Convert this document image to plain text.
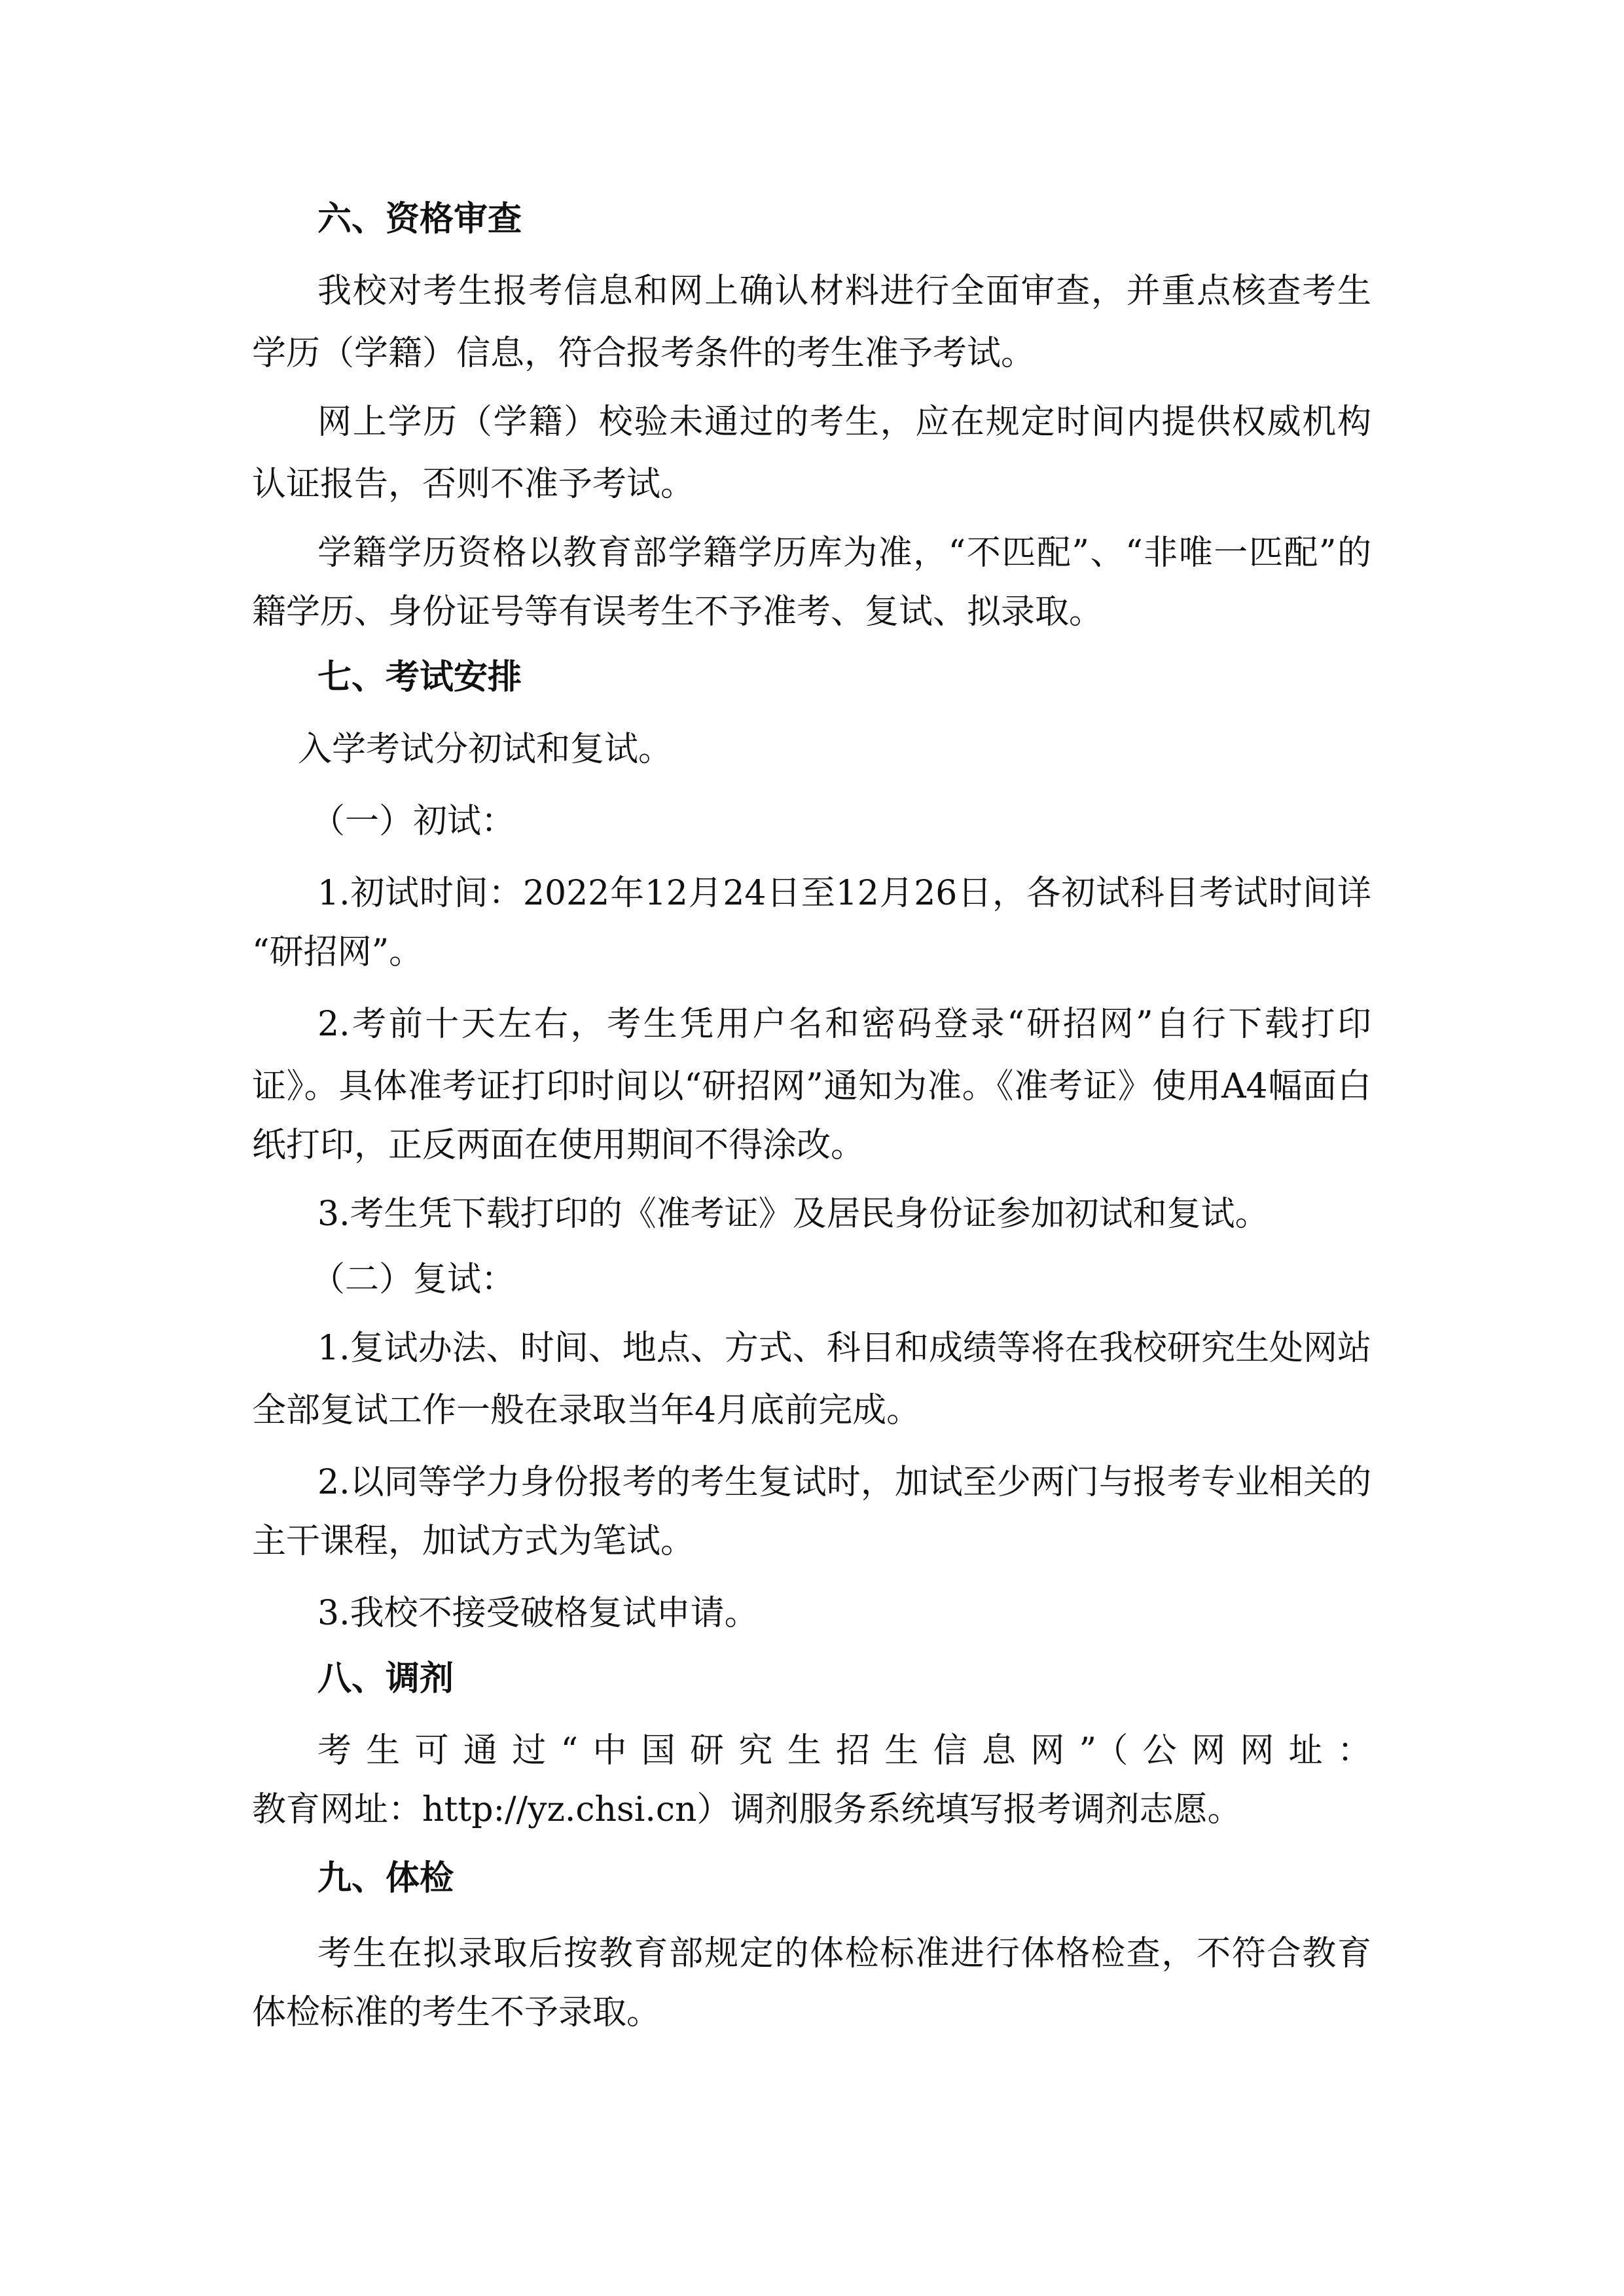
六、资格审查
我校对考生报考信息和网上确认材料进行全面审查，并重点核查考生
学历（学籍）信息，符合报考条件的考生准予考试。
网上学历（学籍）校验未通过的考生，应在规定时间内提供权威机构
认证报告，否则不准予考试。
学籍学历资格以教育部学籍学历库为准，“不匹配”、“非唯一匹配”的
籍学历、身份证号等有误考生不予准考、复试、拟录取。
七、考试安排
入学考试分初试和复试。
（一）初试：
1.初试时间：2022年12月24日至12月26日，各初试科目考试时间详
“研招网”。
2.考前十天左右，考生凭用户名和密码登录“研招网”自行下载打印
证》。具体准考证打印时间以“研招网”通知为准。《准考证》使用A4幅面白
纸打印，正反两面在使用期间不得涂改。
3.考生凭下载打印的《准考证》及居民身份证参加初试和复试。
（二）复试：
1.复试办法、时间、地点、方式、科目和成绩等将在我校研究生处网站
全部复试工作一般在录取当年4月底前完成。
2.以同等学力身份报考的考生复试时，加试至少两门与报考专业相关的
主干课程，加试方式为笔试。
3.我校不接受破格复试申请。
八、调剂
考生可通过“中国研究生招生信息网”（公网网址：
教育网址：http://yz.chsi.cn）调剂服务系统填写报考调剂志愿。
九、体检
考生在拟录取后按教育部规定的体检标准进行体格检查，不符合教育
体检标准的考生不予录取。
